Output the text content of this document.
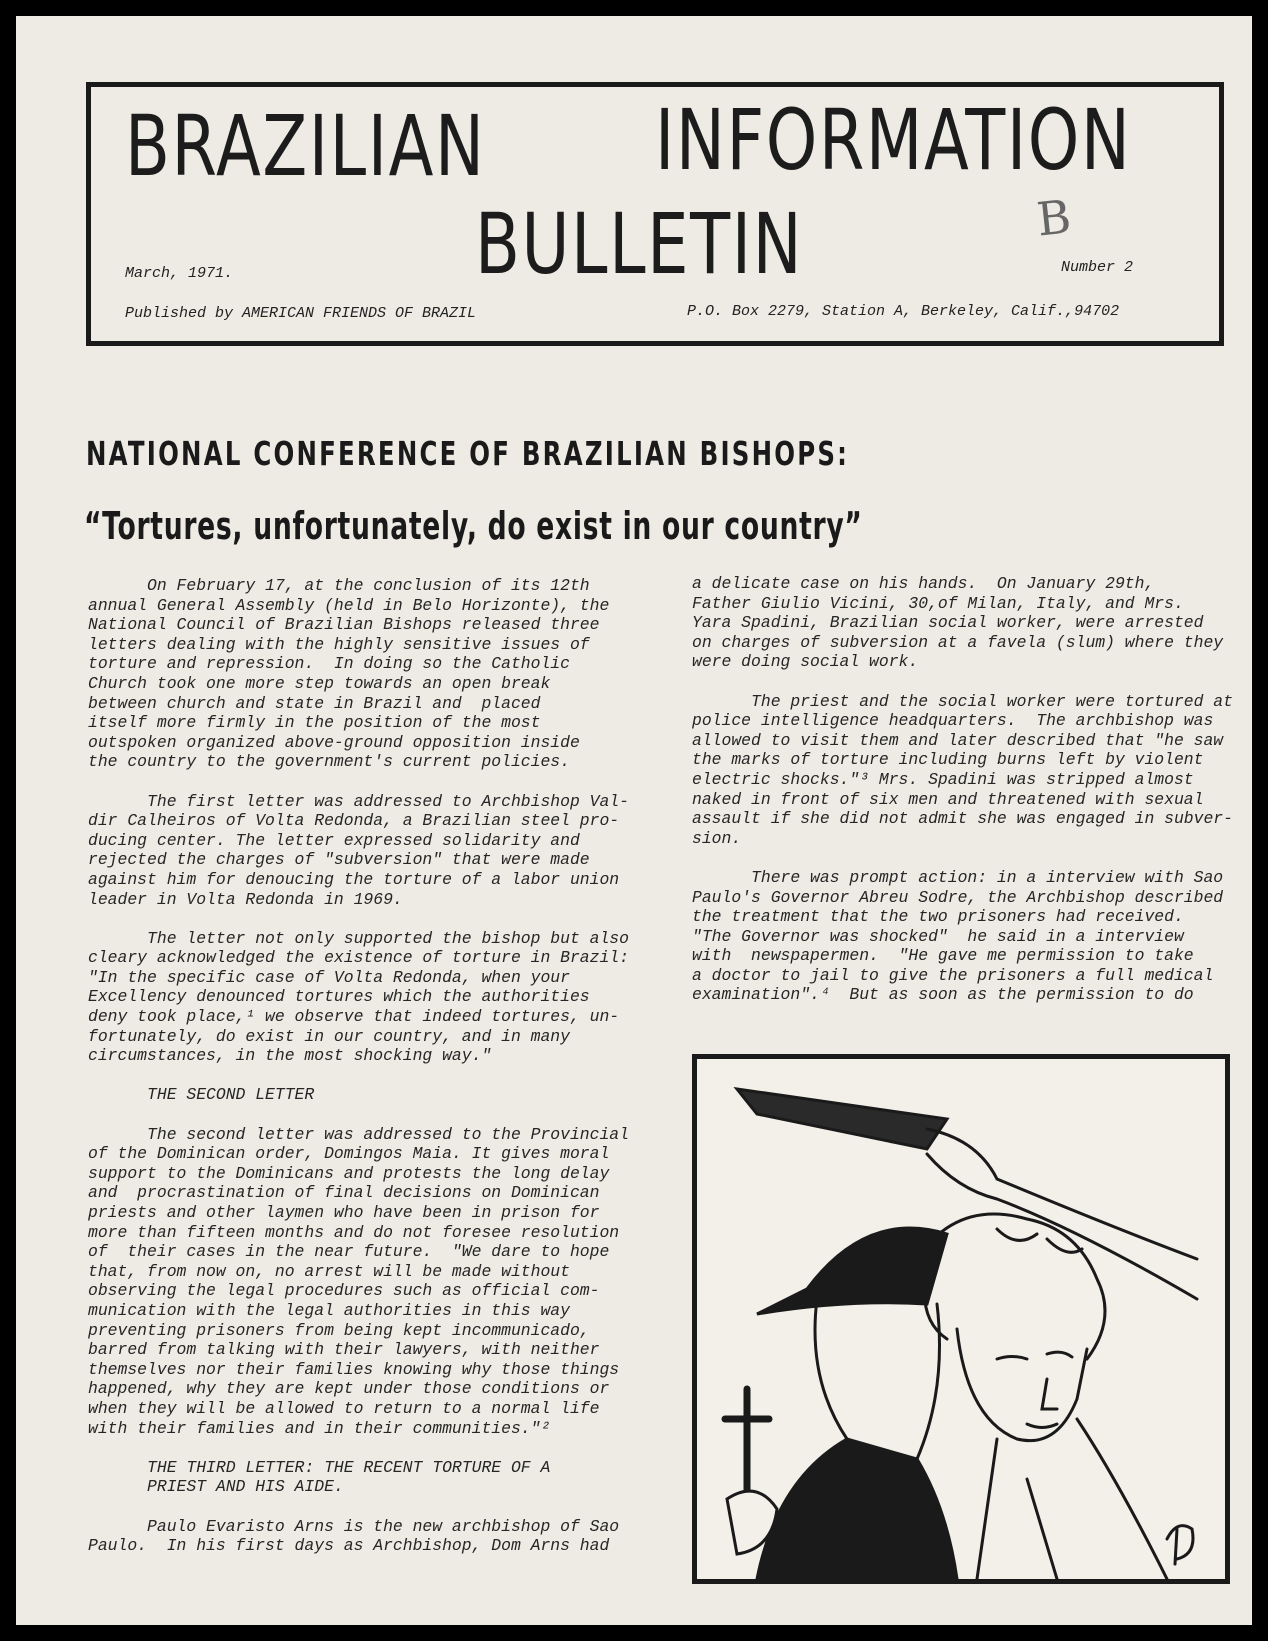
BRAZILIAN INFORMATION
BULLETIN
March, 1971.	Number 2
Published by AMERICAN FRIENDS OF BRAZIL	P.O. Box 2279, Station A, Berkeley, Calif.,94702
B
NATIONAL CONFERENCE OF BRAZILIAN BISHOPS:
“Tortures, unfortunately, do exist in our country”
On February 17, at the conclusion of its 12th
annual General Assembly (held in Belo Horizonte), the
National Council of Brazilian Bishops released three
letters dealing with the highly sensitive issues of
torture and repression.  In doing so the Catholic
Church took one more step towards an open break
between church and state in Brazil and  placed
itself more firmly in the position of the most
outspoken organized above-ground opposition inside
the country to the government's current policies.
The first letter was addressed to Archbishop Val-
dir Calheiros of Volta Redonda, a Brazilian steel pro-
ducing center. The letter expressed solidarity and
rejected the charges of "subversion" that were made
against him for denoucing the torture of a labor union
leader in Volta Redonda in 1969.
The letter not only supported the bishop but also
cleary acknowledged the existence of torture in Brazil:
"In the specific case of Volta Redonda, when your
Excellency denounced tortures which the authorities
deny took place,¹ we observe that indeed tortures, un-
fortunately, do exist in our country, and in many
circumstances, in the most shocking way."
THE SECOND LETTER
The second letter was addressed to the Provincial
of the Dominican order, Domingos Maia. It gives moral
support to the Dominicans and protests the long delay
and  procrastination of final decisions on Dominican
priests and other laymen who have been in prison for
more than fifteen months and do not foresee resolution
of  their cases in the near future.  "We dare to hope
that, from now on, no arrest will be made without
observing the legal procedures such as official com-
munication with the legal authorities in this way
preventing prisoners from being kept incommunicado,
barred from talking with their lawyers, with neither
themselves nor their families knowing why those things
happened, why they are kept under those conditions or
when they will be allowed to return to a normal life
with their families and in their communities."²
THE THIRD LETTER: THE RECENT TORTURE OF A
PRIEST AND HIS AIDE.
Paulo Evaristo Arns is the new archbishop of Sao
Paulo.  In his first days as Archbishop, Dom Arns had
a delicate case on his hands.  On January 29th,
Father Giulio Vicini, 30,of Milan, Italy, and Mrs.
Yara Spadini, Brazilian social worker, were arrested
on charges of subversion at a favela (slum) where they
were doing social work.
The priest and the social worker were tortured at
police intelligence headquarters.  The archbishop was
allowed to visit them and later described that "he saw
the marks of torture including burns left by violent
electric shocks."³ Mrs. Spadini was stripped almost
naked in front of six men and threatened with sexual
assault if she did not admit she was engaged in subver-
sion.
There was prompt action: in a interview with Sao
Paulo's Governor Abreu Sodre, the Archbishop described
the treatment that the two prisoners had received.
"The Governor was shocked"  he said in a interview
with  newspapermen.  "He gave me permission to take
a doctor to jail to give the prisoners a full medical
examination".⁴  But as soon as the permission to do
